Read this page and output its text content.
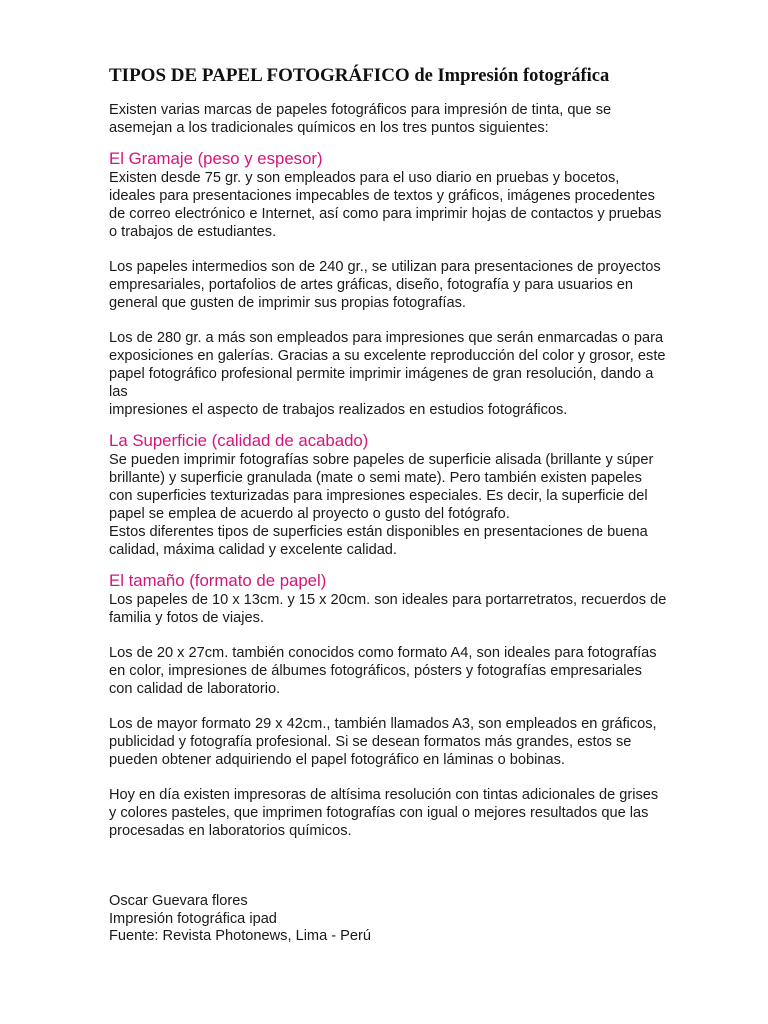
TIPOS DE PAPEL FOTOGRÁFICO de Impresión fotográfica

Existen varias marcas de papeles fotográficos para impresión de tinta, que se asemejan a los tradicionales químicos en los tres puntos siguientes:

El Gramaje (peso y espesor)

Existen desde 75 gr. y son empleados para el uso diario en pruebas y bocetos, ideales para presentaciones impecables de textos y gráficos, imágenes procedentes de correo electrónico e Internet, así como para imprimir hojas de contactos y pruebas o trabajos de estudiantes.

Los papeles intermedios son de 240 gr., se utilizan para presentaciones de proyectos empresariales, portafolios de artes gráficas, diseño, fotografía y para usuarios en general que gusten de imprimir sus propias fotografías.

Los de 280 gr. a más son empleados para impresiones que serán enmarcadas o para exposiciones en galerías. Gracias a su excelente reproducción del color y grosor, este papel fotográfico profesional permite imprimir imágenes de gran resolución, dando a las

impresiones el aspecto de trabajos realizados en estudios fotográficos.

La Superficie (calidad de acabado)

Se pueden imprimir fotografías sobre papeles de superficie alisada (brillante y súper brillante) y superficie granulada (mate o semi mate). Pero también existen papeles con superficies texturizadas para impresiones especiales. Es decir, la superficie del papel se emplea de acuerdo al proyecto o gusto del fotógrafo.

Estos diferentes tipos de superficies están disponibles en presentaciones de buena calidad, máxima calidad y excelente calidad.

El tamaño (formato de papel)

Los papeles de 10 x 13cm. y 15 x 20cm. son ideales para portarretratos, recuerdos de familia y fotos de viajes.

Los de 20 x 27cm. también conocidos como formato A4, son ideales para fotografías en color, impresiones de álbumes fotográficos, pósters y fotografías empresariales con calidad de laboratorio.

Los de mayor formato 29 x 42cm., también llamados A3, son empleados en gráficos, publicidad y fotografía profesional. Si se desean formatos más grandes, estos se pueden obtener adquiriendo el papel fotográfico en láminas o bobinas.

Hoy en día existen impresoras de altísima resolución con tintas adicionales de grises y colores pasteles, que imprimen fotografías con igual o mejores resultados que las procesadas en laboratorios químicos.

Oscar Guevara flores

Impresión fotográfica ipad

Fuente: Revista Photonews, Lima - Perú
